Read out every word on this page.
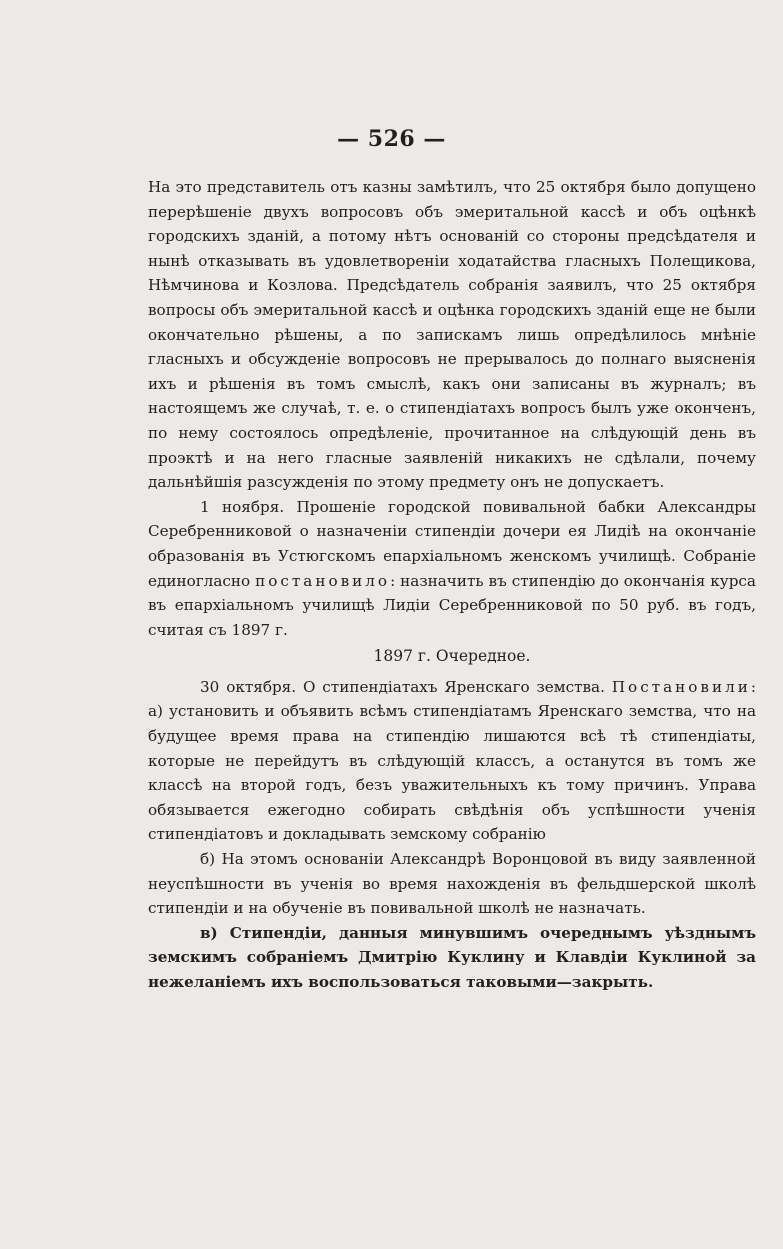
— 526 —

На это представитель отъ казны замѣтилъ, что 25 октября было допущено перерѣшеніе двухъ вопросовъ объ эмеритальной кассѣ и объ оцѣнкѣ городскихъ зданій, а потому нѣтъ основаній со стороны предсѣдателя и нынѣ отказывать въ удовлетвореніи ходатайства гласныхъ Полещикова, Нѣмчинова и Козлова. Предсѣдатель собранія заявилъ, что 25 октября вопросы объ эмеритальной кассѣ и оцѣнка городскихъ зданій еще не были окончательно рѣшены, а по запискамъ лишь опредѣлилось мнѣніе гласныхъ и обсужденіе вопросовъ не прерывалось до полнаго выясненія ихъ и рѣшенія въ томъ смыслѣ, какъ они записаны въ журналъ; въ настоящемъ же случаѣ, т. е. о стипендіатахъ вопросъ былъ уже оконченъ, по нему состоялось опредѣленіе, прочитанное на слѣдующій день въ проэктѣ и на него гласные заявленій никакихъ не сдѣлали, почему дальнѣйшія разсужденія по этому предмету онъ не допускаетъ.

1 ноября. Прошеніе городской повивальной бабки Александры Серебренниковой о назначеніи стипендіи дочери ея Лидіѣ на окончаніе образованія въ Устюгскомъ епархіальномъ женскомъ училищѣ. Собраніе единогласно постановило: назначить въ стипендію до окончанія курса въ епархіальномъ училищѣ Лидіи Серебренниковой по 50 руб. въ годъ, считая съ 1897 г.

1897 г. Очередное.

30 октября. О стипендіатахъ Яренскаго земства. Постановили: а) установить и объявить всѣмъ стипендіатамъ Яренскаго земства, что на будущее время права на стипендію лишаются всѣ тѣ стипендіаты, которые не перейдутъ въ слѣдующій классъ, а останутся въ томъ же классѣ на второй годъ, безъ уважительныхъ къ тому причинъ. Управа обязывается ежегодно собирать свѣдѣнія объ успѣшности ученія стипендіатовъ и докладывать земскому собранію

б) На этомъ основаніи Александрѣ Воронцовой въ виду заявленной неуспѣшности въ ученія во время нахожденія въ фельдшерской школѣ стипендіи и на обученіе въ повивальной школѣ не назначать.

в) Стипендіи, данныя минувшимъ очереднымъ уѣзднымъ земскимъ собраніемъ Дмитрію Куклину и Клавдіи Куклиной за нежеланіемъ ихъ воспользоваться таковыми—закрыть.
